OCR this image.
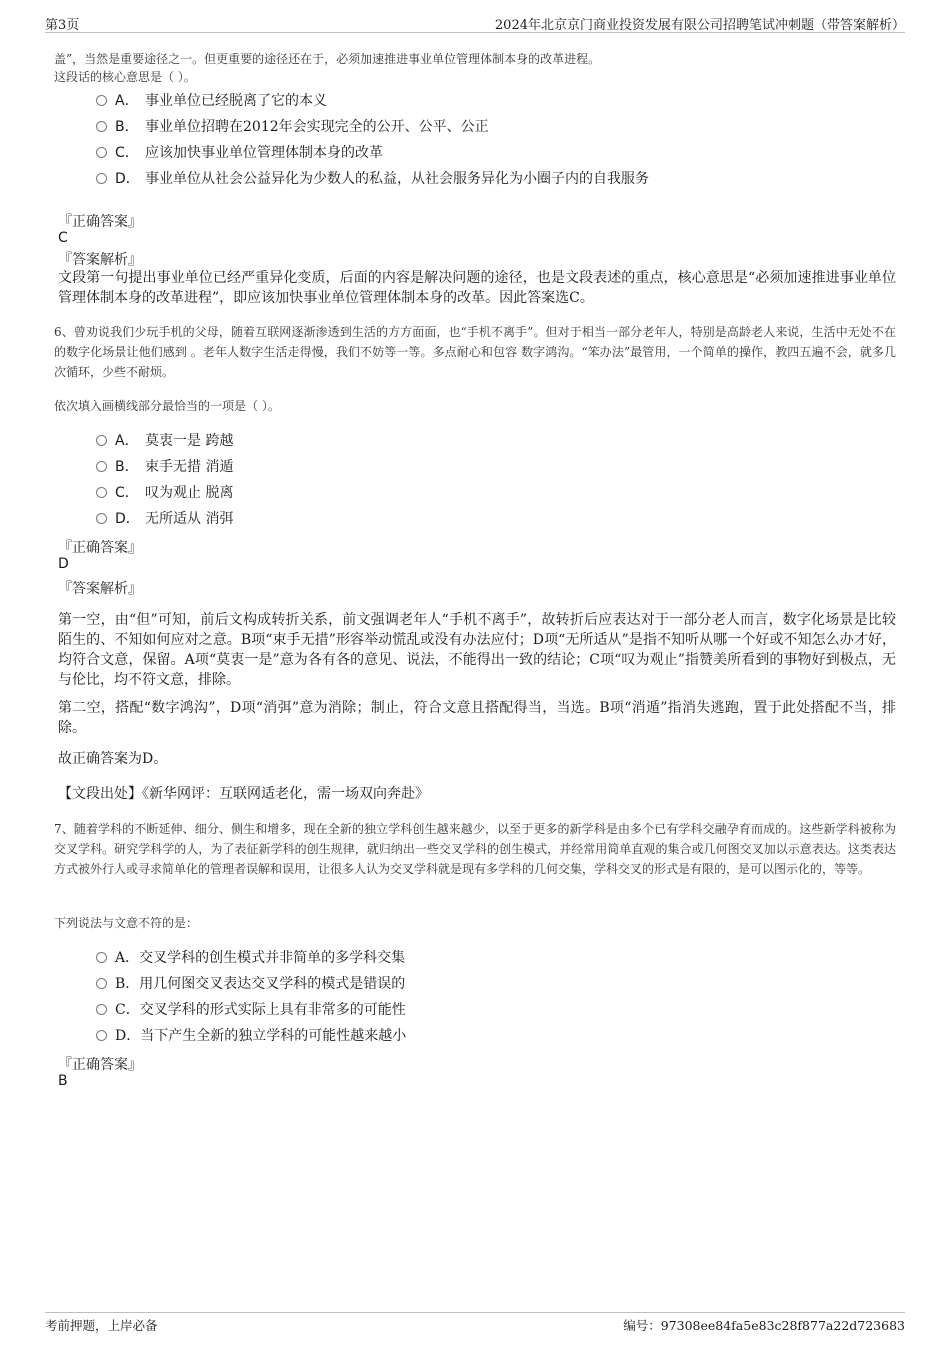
第3页	2024年北京京门商业投资发展有限公司招聘笔试冲刺题（带答案解析）
盖”，当然是重要途径之一。但更重要的途径还在于，必须加速推进事业单位管理体制本身的改革进程。
这段话的核心意思是（ ）。
A． 事业单位已经脱离了它的本义
B． 事业单位招聘在2012年会实现完全的公开、公平、公正
C． 应该加快事业单位管理体制本身的改革
D． 事业单位从社会公益异化为少数人的私益，从社会服务异化为小圈子内的自我服务
『正确答案』
C
『答案解析』
文段第一句提出事业单位已经严重异化变质，后面的内容是解决问题的途径，也是文段表述的重点，核心意思是“必须加速推进事业单位管理体制本身的改革进程”，即应该加快事业单位管理体制本身的改革。因此答案选C。
6、曾劝说我们少玩手机的父母，随着互联网逐渐渗透到生活的方方面面，也“手机不离手”。但对于相当一部分老年人，特别是高龄老人来说，生活中无处不在的数字化场景让他们感到 。老年人数字生活走得慢，我们不妨等一等。多点耐心和包容 数字鸿沟。“笨办法”最管用，一个简单的操作，教四五遍不会，就多几次循环，少些不耐烦。
依次填入画横线部分最恰当的一项是（ ）。
A． 莫衷一是 跨越
B． 束手无措 消遁
C． 叹为观止 脱离
D． 无所适从 消弭
『正确答案』
D
『答案解析』
第一空，由“但”可知，前后文构成转折关系，前文强调老年人“手机不离手”，故转折后应表达对于一部分老人而言，数字化场景是比较陌生的、不知如何应对之意。B项“束手无措”形容举动慌乱或没有办法应付；D项“无所适从”是指不知听从哪一个好或不知怎么办才好，均符合文意，保留。A项“莫衷一是”意为各有各的意见、说法，不能得出一致的结论；C项“叹为观止”指赞美所看到的事物好到极点，无与伦比，均不符文意，排除。
第二空，搭配“数字鸿沟”，D项“消弭”意为消除；制止，符合文意且搭配得当，当选。B项“消遁”指消失逃跑，置于此处搭配不当，排除。
故正确答案为D。
【文段出处】《新华网评：互联网适老化，需一场双向奔赴》
7、随着学科的不断延伸、细分、侧生和增多，现在全新的独立学科创生越来越少，以至于更多的新学科是由多个已有学科交融孕育而成的。这些新学科被称为交叉学科。研究学科学的人，为了表征新学科的创生规律，就归纳出一些交叉学科的创生模式，并经常用简单直观的集合或几何图交叉加以示意表达。这类表达方式被外行人或寻求简单化的管理者误解和误用，让很多人认为交叉学科就是现有多学科的几何交集，学科交叉的形式是有限的，是可以图示化的，等等。
下列说法与文意不符的是：
A．交叉学科的创生模式并非简单的多学科交集
B．用几何图交叉表达交叉学科的模式是错误的
C．交叉学科的形式实际上具有非常多的可能性
D．当下产生全新的独立学科的可能性越来越小
『正确答案』
B
考前押题，上岸必备	编号：97308ee84fa5e83c28f877a22d723683
